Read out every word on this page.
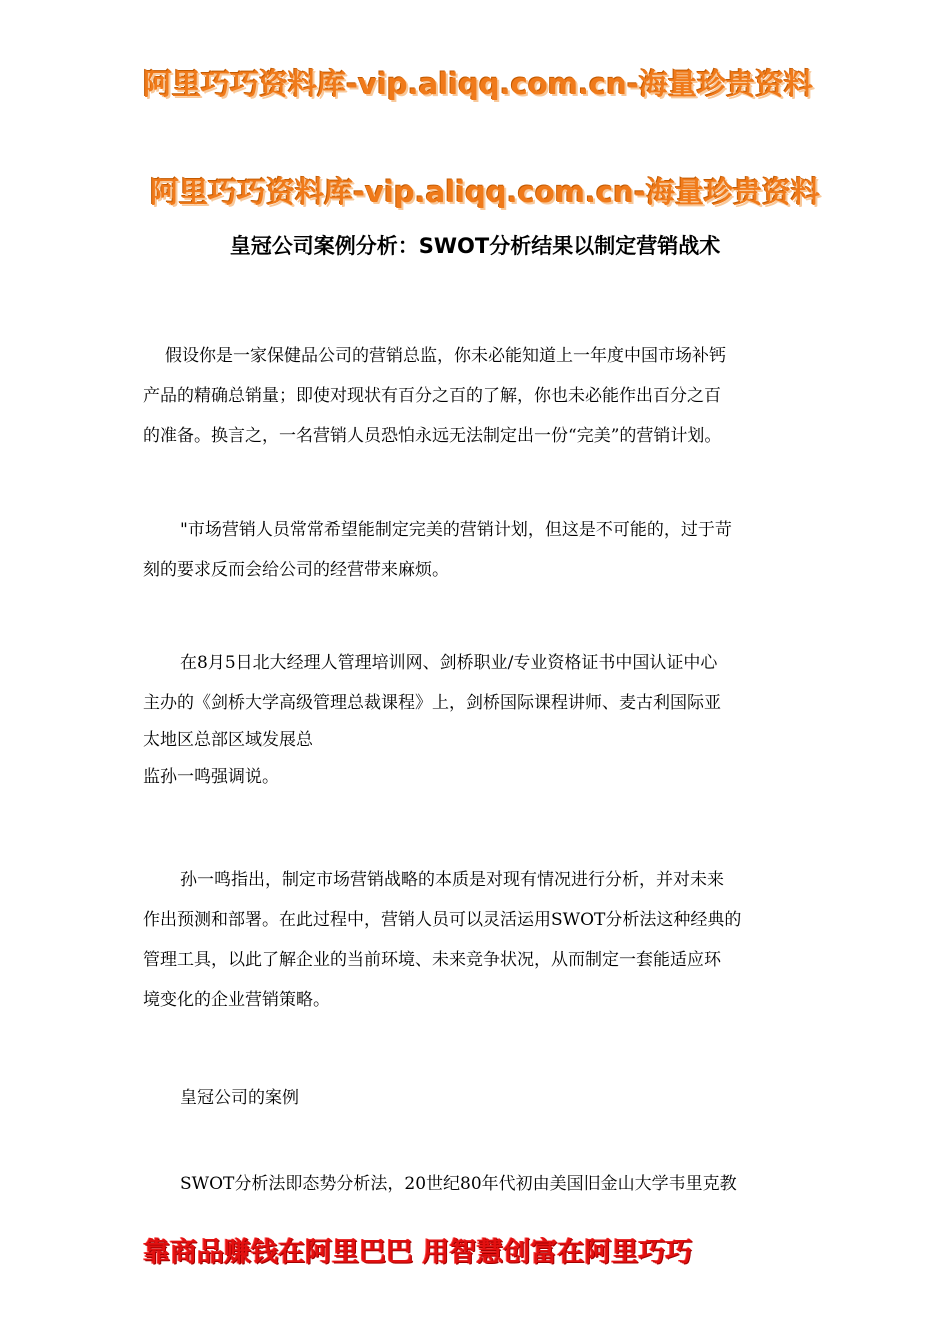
阿里巧巧资料库-vip.aliqq.com.cn-海量珍贵资料
阿里巧巧资料库-vip.aliqq.com.cn-海量珍贵资料
皇冠公司案例分析：SWOT分析结果以制定营销战术
假设你是一家保健品公司的营销总监，你未必能知道上一年度中国市场补钙
产品的精确总销量；即使对现状有百分之百的了解，你也未必能作出百分之百
的准备。换言之，一名营销人员恐怕永远无法制定出一份“完美”的营销计划。
"市场营销人员常常希望能制定完美的营销计划，但这是不可能的，过于苛
刻的要求反而会给公司的经营带来麻烦。
在8月5日北大经理人管理培训网、剑桥职业/专业资格证书中国认证中心
主办的《剑桥大学高级管理总裁课程》上，剑桥国际课程讲师、麦古利国际亚
太地区总部区域发展总
监孙一鸣强调说。
孙一鸣指出，制定市场营销战略的本质是对现有情况进行分析，并对未来
作出预测和部署。在此过程中，营销人员可以灵活运用SWOT分析法这种经典的
管理工具，以此了解企业的当前环境、未来竞争状况，从而制定一套能适应环
境变化的企业营销策略。
皇冠公司的案例
SWOT分析法即态势分析法，20世纪80年代初由美国旧金山大学韦里克教
靠商品赚钱在阿里巴巴 用智慧创富在阿里巧巧
